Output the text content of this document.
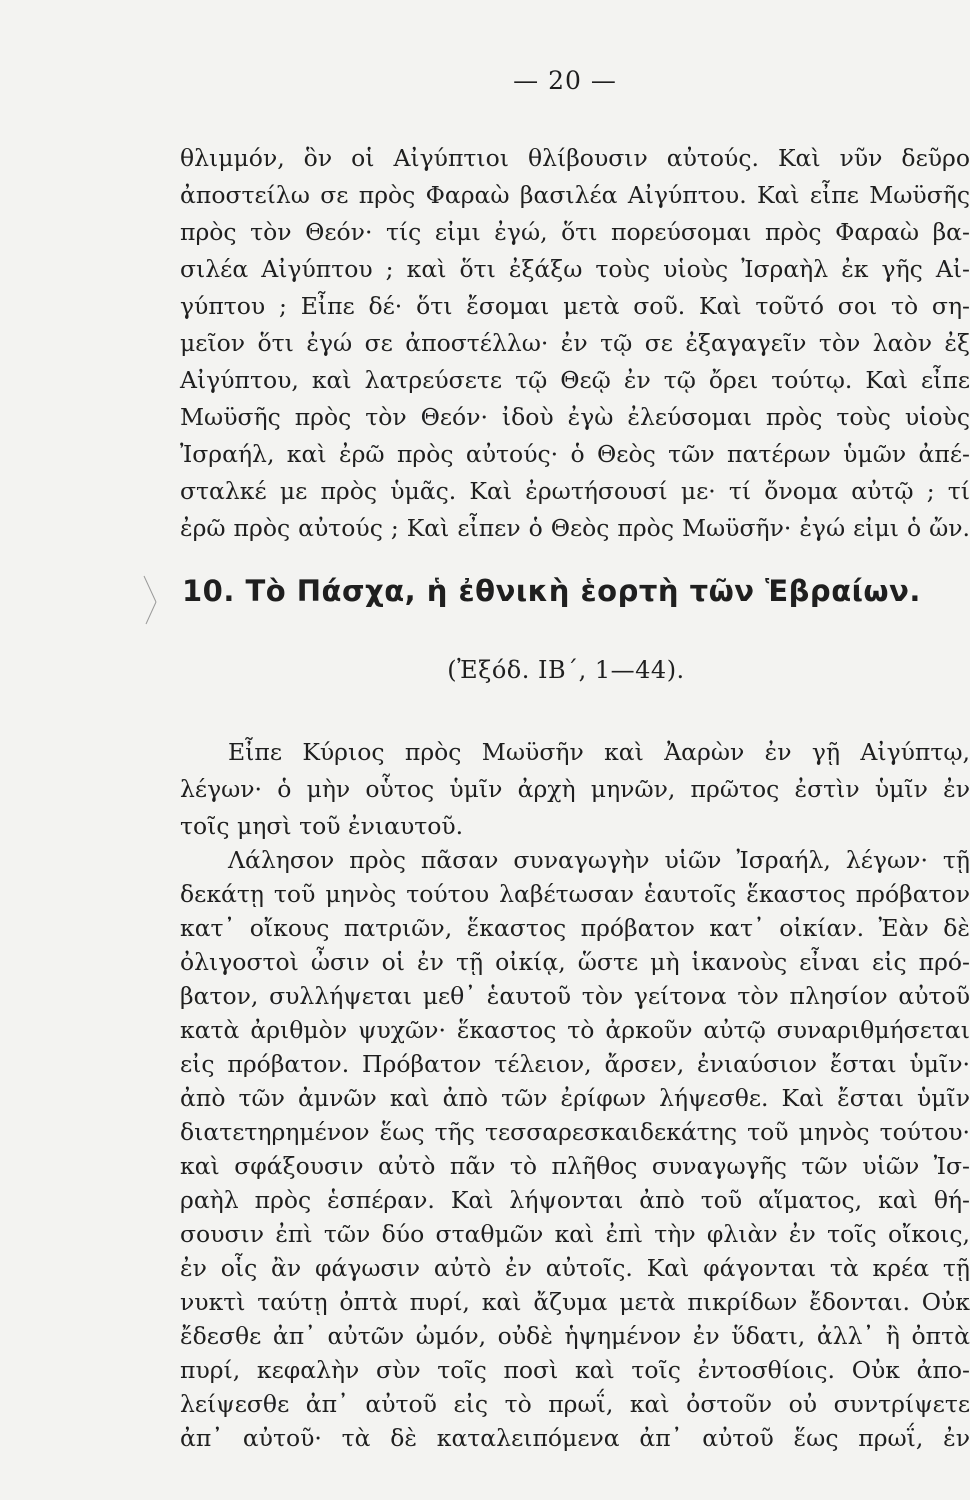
— 20 —
θλιμμόν, ὃν οἱ Αἰγύπτιοι θλίβουσιν αὐτούς. Καὶ νῦν δεῦρο
ἀποστείλω σε πρὸς Φαραὼ βασιλέα Αἰγύπτου. Καὶ εἶπε Μωϋσῆς
πρὸς τὸν Θεόν· τίς εἰμι ἐγώ, ὅτι πορεύσομαι πρὸς Φαραὼ βα-
σιλέα Αἰγύπτου ; καὶ ὅτι ἐξάξω τοὺς υἱοὺς Ἰσραὴλ ἐκ γῆς Αἰ-
γύπτου ; Εἶπε δέ· ὅτι ἔσομαι μετὰ σοῦ. Καὶ τοῦτό σοι τὸ ση-
μεῖον ὅτι ἐγώ σε ἀποστέλλω· ἐν τῷ σε ἐξαγαγεῖν τὸν λαὸν ἐξ
Αἰγύπτου, καὶ λατρεύσετε τῷ Θεῷ ἐν τῷ ὄρει τούτῳ. Καὶ εἶπε
Μωϋσῆς πρὸς τὸν Θεόν· ἰδοὺ ἐγὼ ἐλεύσομαι πρὸς τοὺς υἱοὺς
Ἰσραήλ, καὶ ἐρῶ πρὸς αὐτούς· ὁ Θεὸς τῶν πατέρων ὑμῶν ἀπέ-
σταλκέ με πρὸς ὑμᾶς. Καὶ ἐρωτήσουσί με· τί ὄνομα αὐτῷ ; τί
ἐρῶ πρὸς αὐτούς ; Καὶ εἶπεν ὁ Θεὸς πρὸς Μωϋσῆν· ἐγώ εἰμι ὁ ὤν.
10. Τὸ Πάσχα, ἡ ἐθνικὴ ἑορτὴ τῶν Ἑβραίων.
(Ἐξόδ. ΙΒ΄, 1—44).
Εἶπε Κύριος πρὸς Μωϋσῆν καὶ Ἀαρὼν ἐν γῇ Αἰγύπτῳ,
λέγων· ὁ μὴν οὗτος ὑμῖν ἀρχὴ μηνῶν, πρῶτος ἐστὶν ὑμῖν ἐν
τοῖς μησὶ τοῦ ἐνιαυτοῦ.
Λάλησον πρὸς πᾶσαν συναγωγὴν υἱῶν Ἰσραήλ, λέγων· τῇ
δεκάτῃ τοῦ μηνὸς τούτου λαβέτωσαν ἑαυτοῖς ἕκαστος πρόβατον
κατ᾽ οἴκους πατριῶν, ἕκαστος πρόβατον κατ᾽ οἰκίαν. Ἐὰν δὲ
ὀλιγοστοὶ ὦσιν οἱ ἐν τῇ οἰκίᾳ, ὥστε μὴ ἱκανοὺς εἶναι εἰς πρό-
βατον, συλλήψεται μεθ᾽ ἑαυτοῦ τὸν γείτονα τὸν πλησίον αὐτοῦ
κατὰ ἀριθμὸν ψυχῶν· ἕκαστος τὸ ἀρκοῦν αὐτῷ συναριθμήσεται
εἰς πρόβατον. Πρόβατον τέλειον, ἄρσεν, ἐνιαύσιον ἔσται ὑμῖν·
ἀπὸ τῶν ἀμνῶν καὶ ἀπὸ τῶν ἐρίφων λήψεσθε. Καὶ ἔσται ὑμῖν
διατετηρημένον ἕως τῆς τεσσαρεσκαιδεκάτης τοῦ μηνὸς τούτου·
καὶ σφάξουσιν αὐτὸ πᾶν τὸ πλῆθος συναγωγῆς τῶν υἱῶν Ἰσ-
ραὴλ πρὸς ἑσπέραν. Καὶ λήψονται ἀπὸ τοῦ αἵματος, καὶ θή-
σουσιν ἐπὶ τῶν δύο σταθμῶν καὶ ἐπὶ τὴν φλιὰν ἐν τοῖς οἴκοις,
ἐν οἷς ἂν φάγωσιν αὐτὸ ἐν αὐτοῖς. Καὶ φάγονται τὰ κρέα τῇ
νυκτὶ ταύτῃ ὀπτὰ πυρί, καὶ ἄζυμα μετὰ πικρίδων ἔδονται. Οὐκ
ἔδεσθε ἀπ᾽ αὐτῶν ὠμόν, οὐδὲ ἡψημένον ἐν ὕδατι, ἀλλ᾽ ἢ ὀπτὰ
πυρί, κεφαλὴν σὺν τοῖς ποσὶ καὶ τοῖς ἐντοσθίοις. Οὐκ ἀπο-
λείψεσθε ἀπ᾽ αὐτοῦ εἰς τὸ πρωΐ, καὶ ὀστοῦν οὐ συντρίψετε
ἀπ᾽ αὐτοῦ· τὰ δὲ καταλειπόμενα ἀπ᾽ αὐτοῦ ἕως πρωΐ, ἐν
